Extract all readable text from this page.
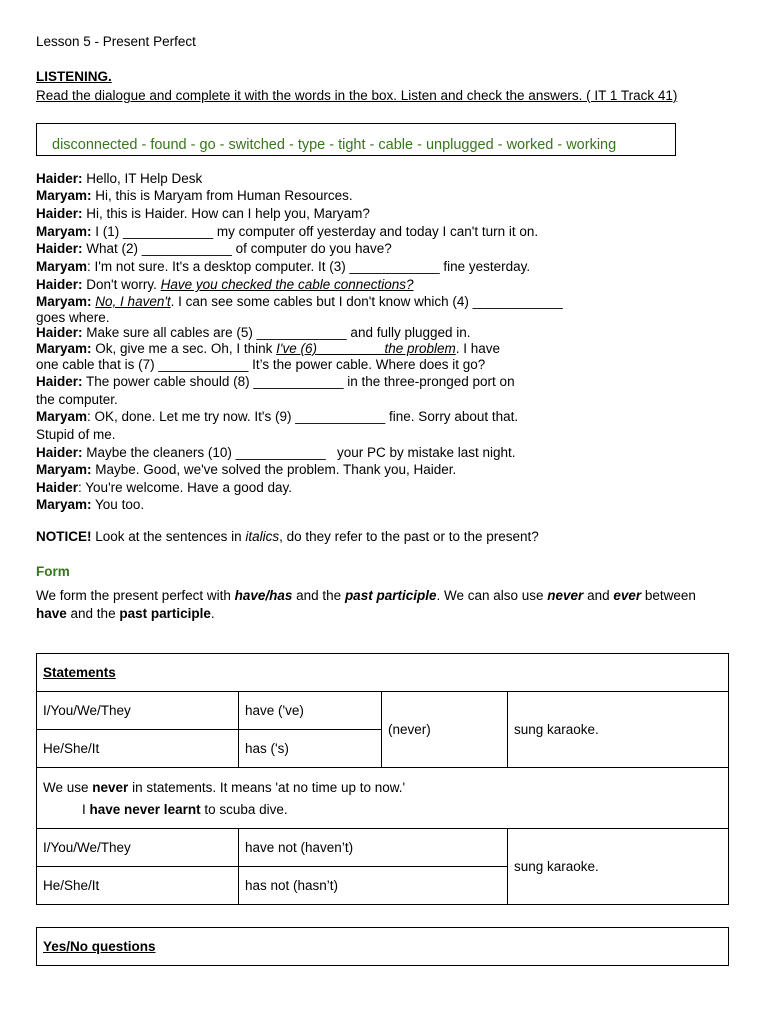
Lesson 5 - Present Perfect
LISTENING.
Read the dialogue and complete it with the words in the box. Listen and check the answers. ( IT 1 Track 41)
disconnected - found - go - switched - type - tight - cable - unplugged - worked - working
Haider: Hello, IT Help Desk
Maryam: Hi, this is Maryam from Human Resources.
Haider: Hi, this is Haider. How can I help you, Maryam?
Maryam: I (1) ____________ my computer off yesterday and today I can't turn it on.
Haider: What (2) ____________ of computer do you have?
Maryam: I'm not sure. It's a desktop computer. It (3) ____________ fine yesterday.
Haider: Don't worry. Have you checked the cable connections?
Maryam: No, I haven't. I can see some cables but I don't know which (4) ____________
goes where.
Haider: Make sure all cables are (5) ____________ and fully plugged in.
Maryam: Ok, give me a sec. Oh, I think I've (6)	the problem. I have
one cable that is (7) ____________ It’s the power cable. Where does it go?
Haider: The power cable should (8) ____________ in the three-pronged port on
the computer.
Maryam: OK, done. Let me try now. It's (9) ____________ fine. Sorry about that.
Stupid of me.
Haider: Maybe the cleaners (10) ____________   your PC by mistake last night.
Maryam: Maybe. Good, we've solved the problem. Thank you, Haider.
Haider: You're welcome. Have a good day.
Maryam: You too.
NOTICE! Look at the sentences in italics, do they refer to the past or to the present?
Form
We form the present perfect with have/has and the past participle. We can also use never and ever between
have and the past participle.
Statements			
I/You/We/They	have ('ve)	(never)	sung karaoke.
He/She/It	has ('s)		

We use never in statements. It means 'at no time up to now.'
I have never learnt to scuba dive.			

I/You/We/They	have not (haven’t)		sung karaoke.
He/She/It	has not (hasn’t)		
Yes/No questions
